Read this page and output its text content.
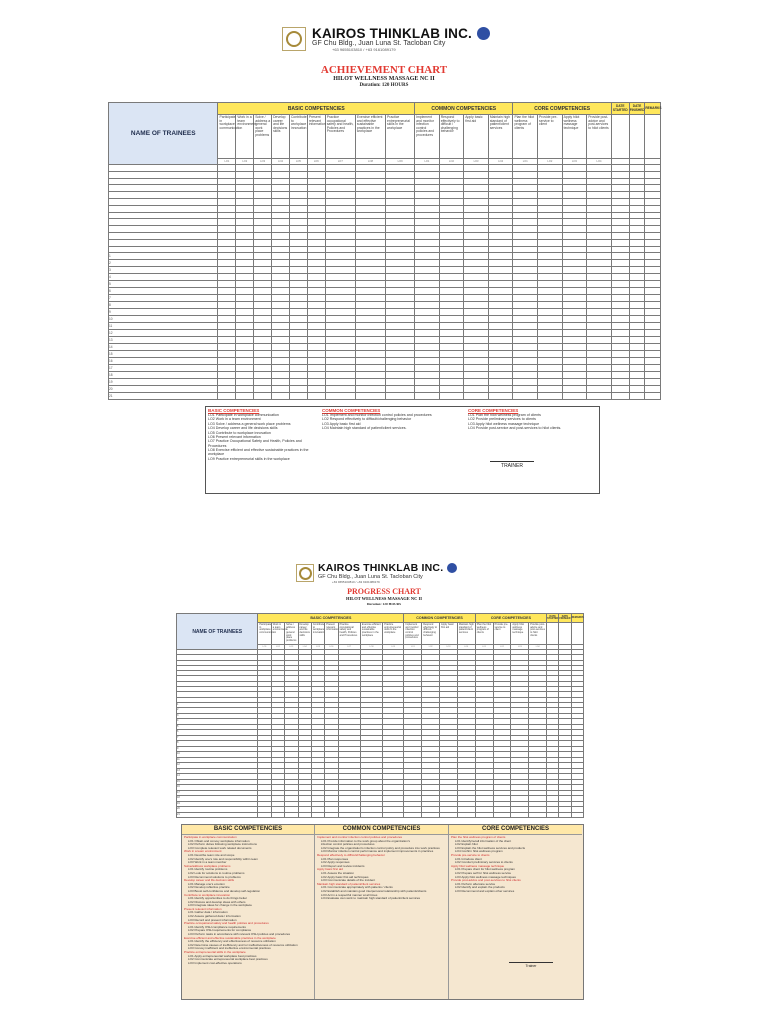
KAIROS THINKLAB INC.
GF Chu Bldg., Juan Luna St. Tacloban City
+63 9655103810 / +63 9161089179
ACHIEVEMENT CHART
HILOT WELLNESS MASSAGE NC II
Duration: 120 HOURS
NAME OF TRAINEES	BASIC COMPETENCIES									COMMON COMPETENCIES				CORE COMPETENCIES				DATE STARTED	DATE FINISHED	REMARKS
	Participate in workplace communication	Work in a team environment	Solve / address a general work place problems	Develop career and life decisions skills	Contribute to workplace innovation	Present relevant information	Practice occupational safety and health, Policies and Procedures	Exercise efficient and effective sustainable practices in the workplace	Practice entrepreneurial skills in the workplace	Implement and monitor infection control policies and procedures	Respond effectively to difficult / challenging behavior	Apply basic first aid	Maintain high standard of patient/client services	Plan the hilot wellness program of clients	Provide pre-service to client	Apply hilot wellness massage technique	Provide post-advice and post-services to hilot clients			
	LO1	LO2	LO3	LO4	LO5	LO6	LO7	LO8	LO9	LO1	LO2	LO3	LO4	LO1	LO2	LO3	LO4			

1																				
2																				
3																				
4																				
5																				
6																				
7																				
8																				
9																				
10																				
11																				
12																				
13																				
14																				
15																				
16																				
17																				
18																				
19																				
20																				
21																				
BASIC COMPETENCIES
LO1 Participate in workplace communication
LO2 Work in a team environment
LO3 Solve / address a general work place problems
LO4 Develop career and life decisions skills
LO5 Contribute to workplace innovation
LO6 Present relevant information
LO7 Practice Occupational Safety and Health, Policies and Procedures
LO8 Exercise efficient and effective sustainable practices in the workplace
LO9 Practice entrepreneurial skills in the workplace
COMMON COMPETENCIES
LO1 Implement and monitor infection control policies and procedures
LO2 Respond effectively to difficult/challenging behavior
LO3 Apply basic first aid
LO4 Maintain high standard of patient/client services.
CORE COMPETENCIES
LO1 Plan the hilot wellness program of clients
LO2 Provide preliminary services to clients
LO3 Apply hilot wellness massage technique
LO4 Provide post-service and post-services to hilot clients.
TRAINER
KAIROS THINKLAB INC.
GF Chu Bldg., Juan Luna St. Tacloban City
+63 9655103810 / +63 9161089179
PROGRESS CHART
HILOT WELLNESS MASSAGE NC II
Duration: 120 HOURS
NAME OF TRAINEES	BASIC COMPETENCIES									COMMON COMPETENCIES				CORE COMPETENCIES				DATE STARTED	DATE FINISHED	REMARKS
	Participate in workplace communication	Work in a team environment	Solve / address a general work place problems	Develop career and life decisions skills	Contribute to workplace innovation	Present relevant information	Practice occupational safety and health, Policies and Procedures	Exercise efficient and effective sustainable practices in the workplace	Practice entrepreneurial skills in the workplace	Implement and monitor infection control policies and procedures	Respond effectively to difficult / challenging behavior	Apply basic first aid	Maintain high standard of patient/client services	Plan the hilot wellness program of clients	Provide pre-service to client	Apply hilot wellness massage technique	Provide post-advice and post-services to hilot clients			
	LO1	LO2	LO3	LO4	LO5	LO6	LO7	LO8	LO9	LO1	LO2	LO3	LO4	LO1	LO2	LO3	LO4			

1																				
2																				
3																				
4																				
5																				
6																				
7																				
8																				
9																				
10																				
11																				
12																				
13																				
14																				
15																				
16																				
17																				
18																				
19																				
20																				
21																				
BASIC COMPETENCIES
Participate in workplace communication
LO1 Obtain and convey workplace information
LO2 Perform duties following workplace instructions
LO3 Complete relevant work related documents
Work in a team environment
LO1 Describe team role and scope
LO2 Identify one's role and responsibility within team
LO3 Work in a team member
Solve/address workplace problems
LO1 Identify routine problems
LO2 Look for solutions to routine problems
LO3 Recommend solutions to problems
Develop career and life decision skills
LO1 Manage one's emotion
LO2 Develop reflective practice
LO3 Boost self-confidence and develop self-regulation
Contribute to workplace innovation
LO1 Identify opportunities to do things better
LO2 Discuss and develop ideas with others
LO3 Integrate ideas for change in the workplace
Present relevant information
LO1 Gather data / information
LO2 Assess gathered data / information
LO3 Record and present information
Practice occupational safety and health policies and procedures
LO1 Identify OSH compliance requirements
LO2 Prepare OSH requirements for compliance
LO3 Perform tasks in accordance with relevant OSH policies and procedures
Exercise efficient and effective sustainable practices in the workplace
LO1 Identify the efficiency and effectiveness of resource utilization
LO2 Determine causes of inefficiency and /or ineffectiveness of resource utilization
LO3 Convey inefficient and ineffective environmental practices
Practice entrepreneurial skills in the workplace
LO1 Apply entrepreneurial workplace best practices
LO2 Communicate entrepreneurial workplace best practices
LO3 Implement cost-effective operations
COMMON COMPETENCIES
Implement and monitor infection control policies and procedures
LO1 Provide information to the work group about the organization's
infection control policies and procedures
LO2 Integrate the organization's infection control policy and procedure into work practices
LO3 Monitor infection control performance and implement improvements in practices
Respond effectively to difficult/challenging behavior
LO1 Plan responses
LO2 Apply responses
LO3 Report and review incidents
Apply basic first aid
LO1 Assess the situation
LO2 Apply basic first aid techniques
LO3 Communicate details of the incident
Maintain high standard of patient/client services
LO1 Communicate appropriately with patients / clients
LO2 Establish and maintain good interpersonal relationship with patients/clients
LO3 Act in a respectful manner at all times
LO4 Evaluate own work to maintain high standard of patient/client services
CORE COMPETENCIES
Plan the hilot wellness program of clients
LO1 Identify/recall information of the client
LO2 Explain hilot
LO3 Explain the hilot wellness services and products
LO4 Confirm hilot wellness program
Provide pre-service to clients
LO1 Introduce client
LO2 Conduct preliminary services to clients
Apply hilot wellness massage technique
LO1 Prepare client for hilot wellness program
LO2 Prepare self for hilot wellness service
LO3 Apply hilot wellness massage techniques
Provide post-advice and post-services to hilot clients
LO1 Perform aftercare service
LO2 Identify and explain the products
LO3 Recommend and explain other services
Trainer
